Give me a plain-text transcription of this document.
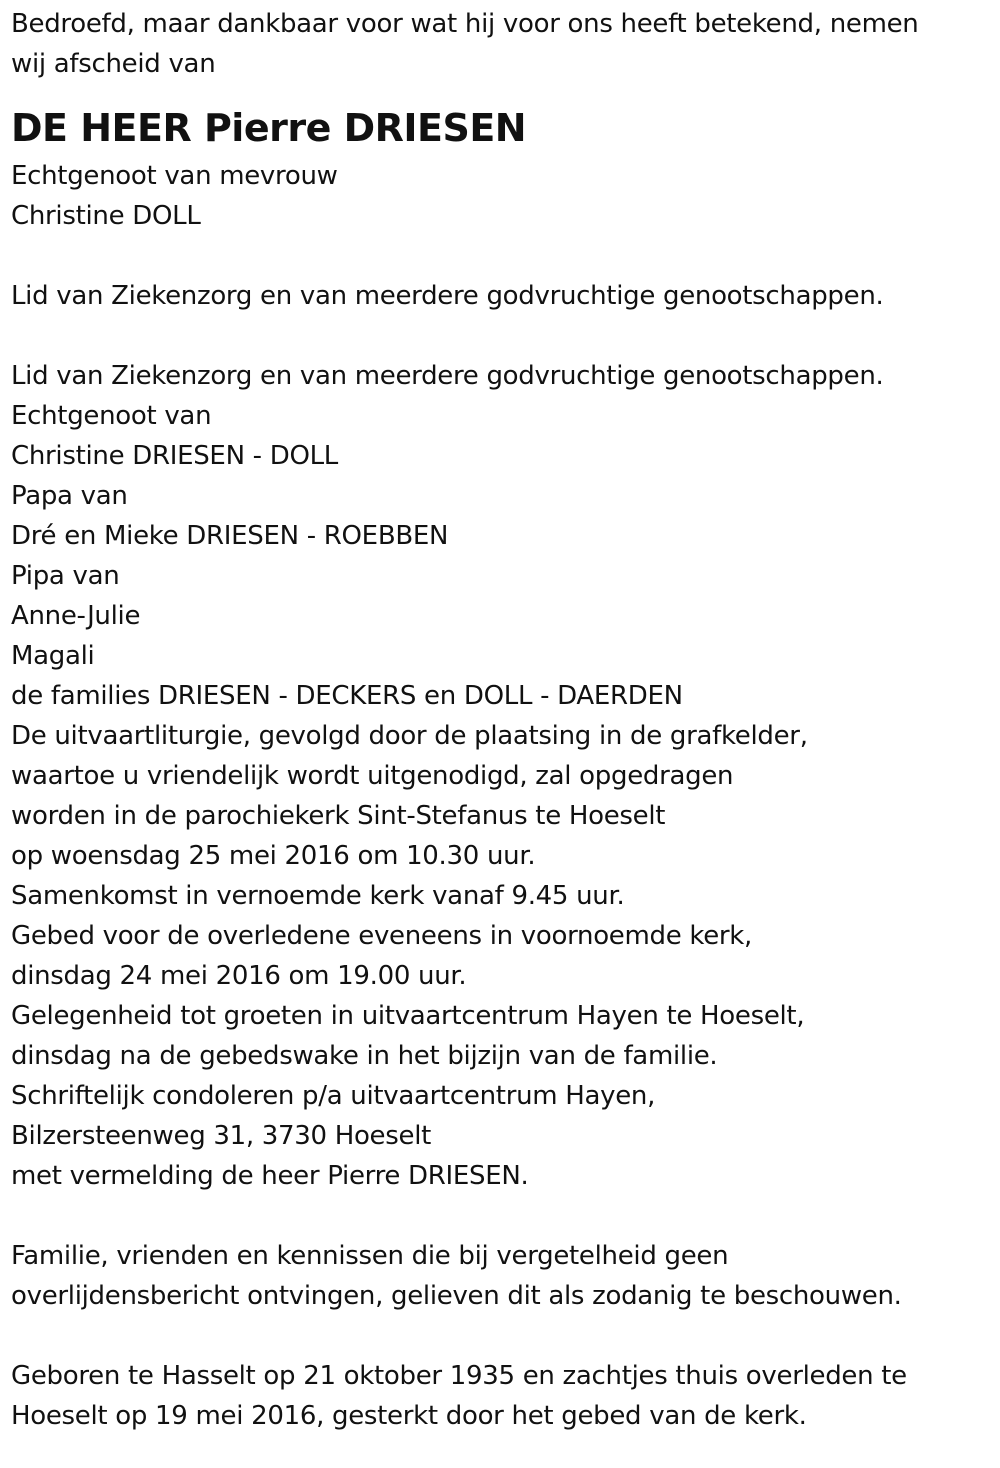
Bedroefd, maar dankbaar voor wat hij voor ons heeft betekend, nemen
wij afscheid van
DE HEER Pierre DRIESEN
Echtgenoot van mevrouw
Christine DOLL
Lid van Ziekenzorg en van meerdere godvruchtige genootschappen.
Lid van Ziekenzorg en van meerdere godvruchtige genootschappen.
Echtgenoot van
Christine DRIESEN - DOLL
Papa van
Dré en Mieke DRIESEN - ROEBBEN
Pipa van
Anne-Julie
Magali
de families DRIESEN - DECKERS en DOLL - DAERDEN
De uitvaartliturgie, gevolgd door de plaatsing in de grafkelder,
waartoe u vriendelijk wordt uitgenodigd, zal opgedragen
worden in de parochiekerk Sint-Stefanus te Hoeselt
op woensdag 25 mei 2016 om 10.30 uur.
Samenkomst in vernoemde kerk vanaf 9.45 uur.
Gebed voor de overledene eveneens in voornoemde kerk,
dinsdag 24 mei 2016 om 19.00 uur.
Gelegenheid tot groeten in uitvaartcentrum Hayen te Hoeselt,
dinsdag na de gebedswake in het bijzijn van de familie.
Schriftelijk condoleren p/a uitvaartcentrum Hayen,
Bilzersteenweg 31, 3730 Hoeselt
met vermelding de heer Pierre DRIESEN.
Familie, vrienden en kennissen die bij vergetelheid geen
overlijdensbericht ontvingen, gelieven dit als zodanig te beschouwen.
Geboren te Hasselt op 21 oktober 1935 en zachtjes thuis overleden te
Hoeselt op 19 mei 2016, gesterkt door het gebed van de kerk.
